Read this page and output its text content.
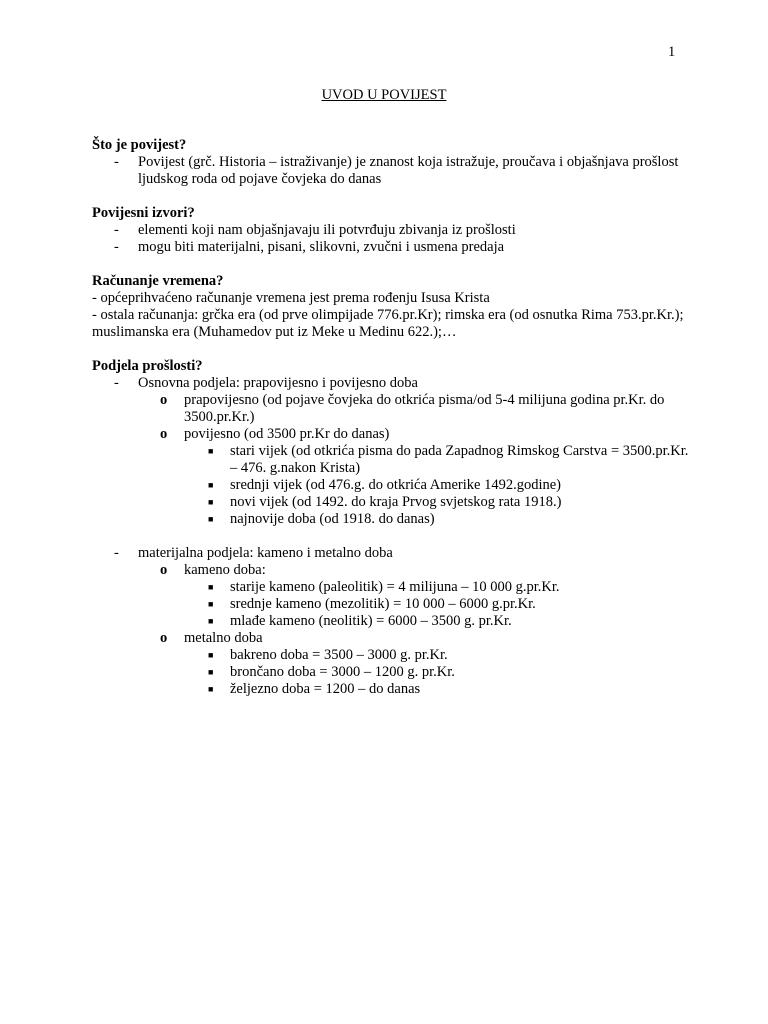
1
UVOD U POVIJEST
Što je povijest?
- Povijest (grč. Historia – istraživanje) je znanost koja istražuje, proučava i objašnjava prošlost ljudskog roda od pojave čovjeka do danas
Povijesni izvori?
- elementi koji nam objašnjavaju ili potvrđuju zbivanja iz prošlosti
- mogu biti materijalni, pisani, slikovni, zvučni i usmena predaja
Računanje vremena?
- općeprihvaćeno računanje vremena jest prema rođenju Isusa Krista
- ostala računanja: grčka era (od prve olimpijade 776.pr.Kr); rimska era (od osnutka Rima 753.pr.Kr.); muslimanska era (Muhamedov put iz Meke u Medinu 622.);…
Podjela prošlosti?
- Osnovna podjela: prapovijesno i povijesno doba
o prapovijesno (od pojave čovjeka do otkrića pisma/od 5-4 milijuna godina pr.Kr. do 3500.pr.Kr.)
o povijesno (od 3500 pr.Kr do danas)
■ stari vijek (od otkrića pisma do pada Zapadnog Rimskog Carstva = 3500.pr.Kr. – 476. g.nakon Krista)
■ srednji vijek (od 476.g. do otkrića Amerike 1492.godine)
■ novi vijek (od 1492. do kraja Prvog svjetskog rata 1918.)
■ najnovije doba (od 1918. do danas)
- materijalna podjela: kameno i metalno doba
o kameno doba:
■ starije kameno (paleolitik) = 4 milijuna – 10 000 g.pr.Kr.
■ srednje kameno (mezolitik) = 10 000 – 6000 g.pr.Kr.
■ mlađe kameno (neolitik) = 6000 – 3500 g. pr.Kr.
o metalno doba
■ bakreno doba = 3500 – 3000 g. pr.Kr.
■ brončano doba = 3000 – 1200 g. pr.Kr.
■ željezno doba = 1200 – do danas
